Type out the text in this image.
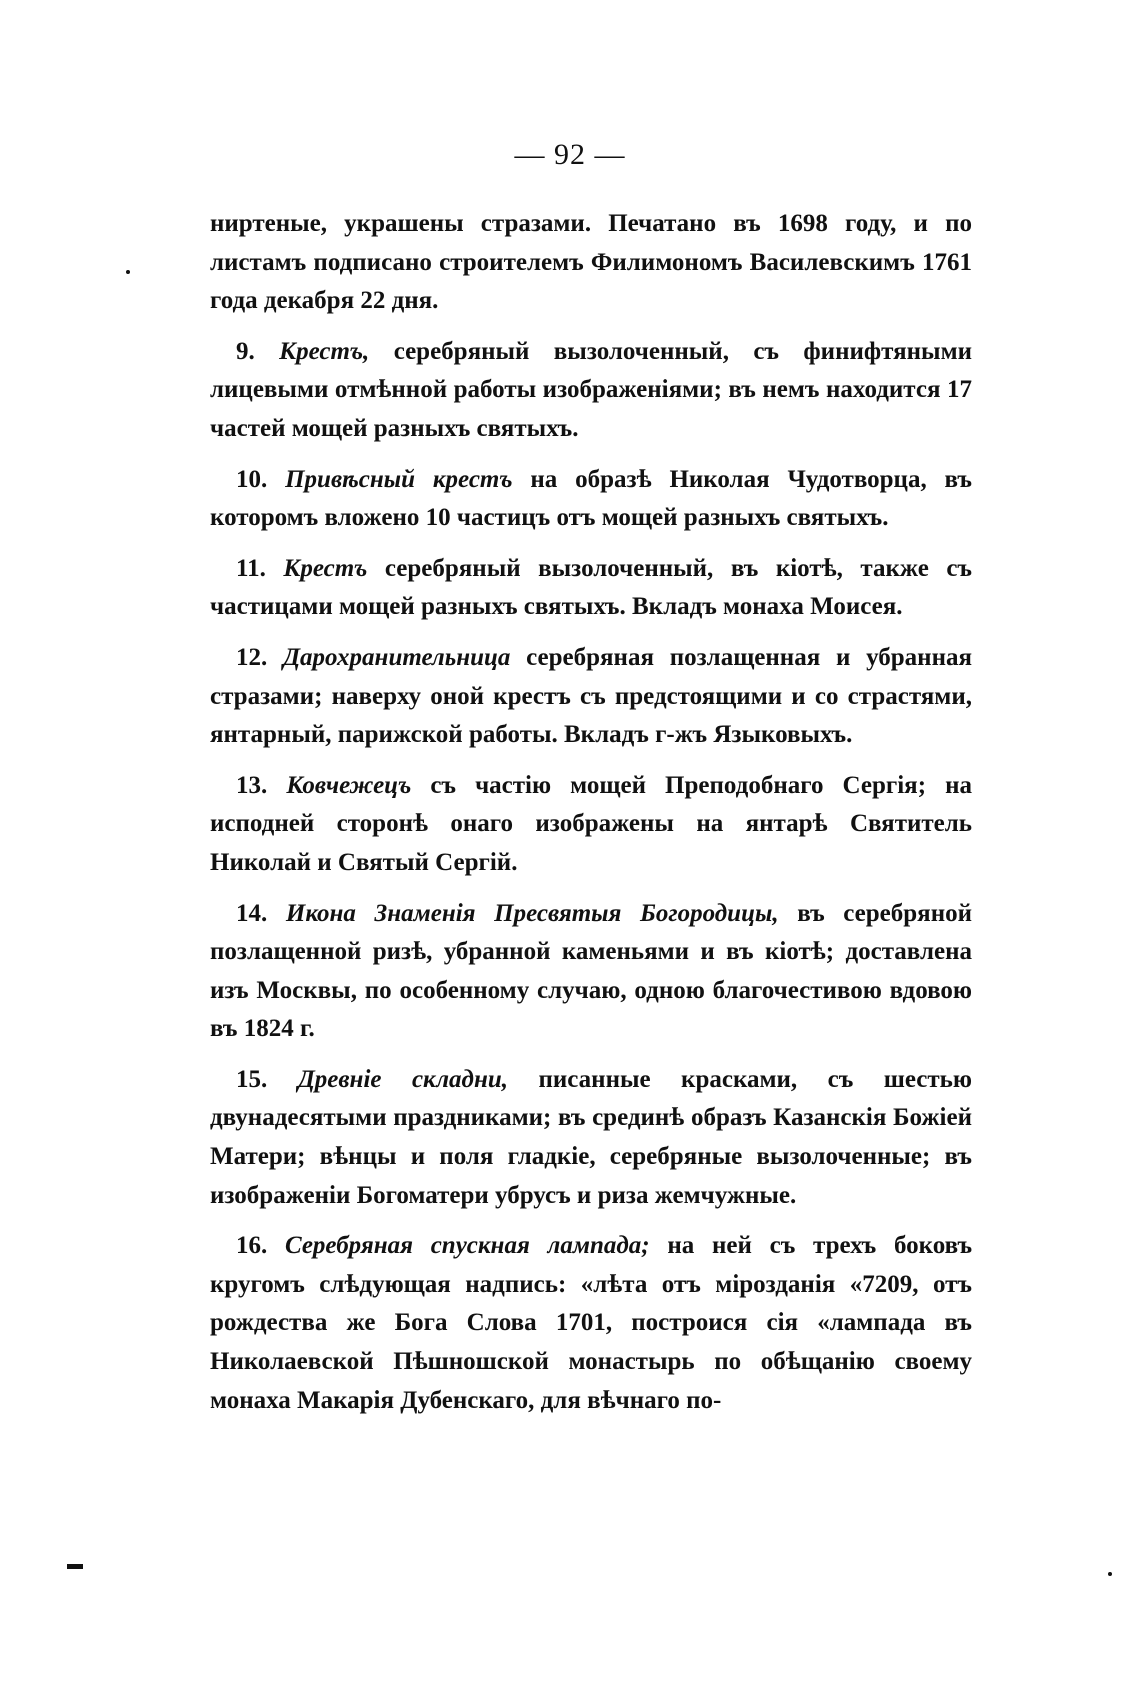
— 92 —

ниртеные, украшены стразами. Печатано въ 1698 году, и по листамъ подписано строителемъ Филимономъ Василевскимъ 1761 года декабря 22 дня.

9. Крестъ, серебряный вызолоченный, съ финифтяными лицевыми отмѣнной работы изображеніями; въ немъ находится 17 частей мощей разныхъ святыхъ.

10. Привѣсный крестъ на образѣ Николая Чудотворца, въ которомъ вложено 10 частицъ отъ мощей разныхъ святыхъ.

11. Крестъ серебряный вызолоченный, въ кіотѣ, также съ частицами мощей разныхъ святыхъ. Вкладъ монаха Моисея.

12. Дарохранительница серебряная позлащенная и убранная стразами; наверху оной крестъ съ предстоящими и со страстями, янтарный, парижской работы. Вкладъ г-жъ Языковыхъ.

13. Ковчежецъ съ частію мощей Преподобнаго Сергія; на исподней сторонѣ онаго изображены на янтарѣ Святитель Николай и Святый Сергій.

14. Икона Знаменія Пресвятыя Богородицы, въ серебряной позлащенной ризѣ, убранной каменьями и въ кіотѣ; доставлена изъ Москвы, по особенному случаю, одною благочестивою вдовою въ 1824 г.

15. Древніе складни, писанные красками, съ шестью двунадесятыми праздниками; въ срединѣ образъ Казанскія Божіей Матери; вѣнцы и поля гладкіе, серебряные вызолоченные; въ изображеніи Богоматери убрусъ и риза жемчужные.

16. Серебряная спускная лампада; на ней съ трехъ боковъ кругомъ слѣдующая надпись: «лѣта отъ мірозданія «7209, отъ рождества же Бога Слова 1701, построися сія «лампада въ Николаевской Пѣшношской монастырь по обѣщанію своему монаха Макарія Дубенскаго, для вѣчнаго по-
